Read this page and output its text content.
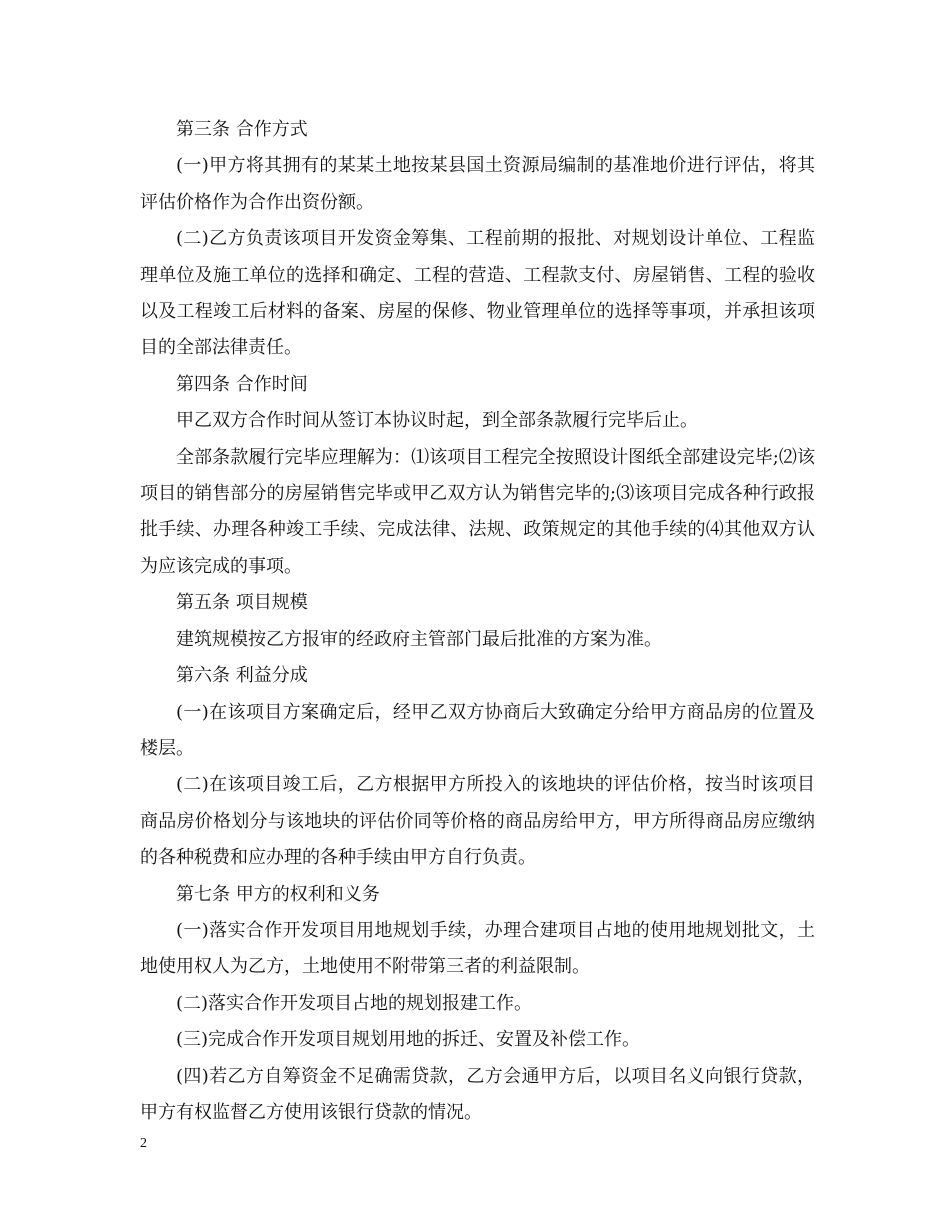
第三条 合作方式

(一)甲方将其拥有的某某土地按某县国土资源局编制的基准地价进行评估，将其评估价格作为合作出资份额。

(二)乙方负责该项目开发资金筹集、工程前期的报批、对规划设计单位、工程监理单位及施工单位的选择和确定、工程的营造、工程款支付、房屋销售、工程的验收以及工程竣工后材料的备案、房屋的保修、物业管理单位的选择等事项，并承担该项目的全部法律责任。

第四条 合作时间

甲乙双方合作时间从签订本协议时起，到全部条款履行完毕后止。

全部条款履行完毕应理解为：⑴该项目工程完全按照设计图纸全部建设完毕;⑵该项目的销售部分的房屋销售完毕或甲乙双方认为销售完毕的;⑶该项目完成各种行政报批手续、办理各种竣工手续、完成法律、法规、政策规定的其他手续的⑷其他双方认为应该完成的事项。

第五条 项目规模

建筑规模按乙方报审的经政府主管部门最后批准的方案为准。

第六条 利益分成

(一)在该项目方案确定后，经甲乙双方协商后大致确定分给甲方商品房的位置及楼层。

(二)在该项目竣工后，乙方根据甲方所投入的该地块的评估价格，按当时该项目商品房价格划分与该地块的评估价同等价格的商品房给甲方，甲方所得商品房应缴纳的各种税费和应办理的各种手续由甲方自行负责。

第七条 甲方的权利和义务

(一)落实合作开发项目用地规划手续，办理合建项目占地的使用地规划批文，土地使用权人为乙方，土地使用不附带第三者的利益限制。

(二)落实合作开发项目占地的规划报建工作。

(三)完成合作开发项目规划用地的拆迁、安置及补偿工作。

(四)若乙方自筹资金不足确需贷款，乙方会通甲方后，以项目名义向银行贷款，甲方有权监督乙方使用该银行贷款的情况。

2
